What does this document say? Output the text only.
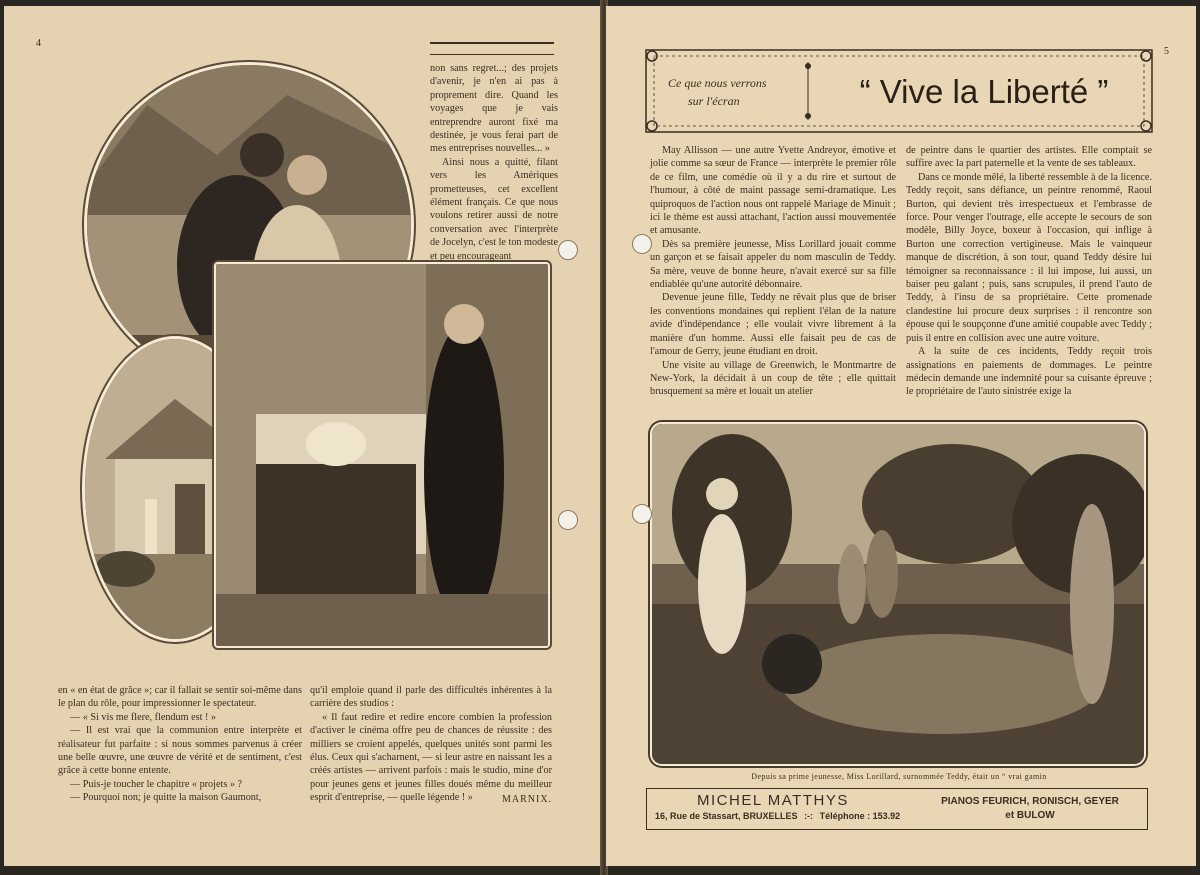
4

non sans regret...; des projets d'avenir, je n'en ai pas à proprement dire. Quand les voyages que je vais entreprendre auront fixé ma destinée, je vous ferai part de mes entreprises nouvelles... »

Ainsi nous a quitté, filant vers les Amériques prometteuses, cet excellent élément français. Ce que nous voulons retirer aussi de notre conversation avec l'interprète de Jocelyn, c'est le ton modeste et peu encourageant

en « en état de grâce »; car il fallait se sentir soi-même dans le plan du rôle, pour impressionner le spectateur.

— « Si vis me flere, flendum est ! »

— Il est vrai que la communion entre interprète et réalisateur fut parfaite : si nous sommes parvenus à créer une belle œuvre, une œuvre de vérité et de sentiment, c'est grâce à cette bonne entente.

— Puis-je toucher le chapitre « projets » ?

— Pourquoi non; je quitte la maison Gaumont,

qu'il emploie quand il parle des difficultés inhérentes à la carrière des studios :

« Il faut redire et redire encore combien la profession d'activer le cinéma offre peu de chances de réussite : des milliers se croient appelés, quelques unités sont parmi les élus. Ceux qui s'acharnent, — si leur astre en naissant les a créés artistes — arrivent parfois : mais le studio, mine d'or pour jeunes gens et jeunes filles doués même du meilleur esprit d'entreprise, — quelle légende ! »	MARNIX.
5
Ce que nous verrons
sur l'écran	“ Vive la Liberté ”

May Allisson — une autre Yvette Andreyor, émotive et jolie comme sa sœur de France — interprète le premier rôle de ce film, une comédie où il y a du rire et surtout de l'humour, à côté de maint passage semi-dramatique. Les quiproquos de l'action nous ont rappelé Mariage de Minuit ; ici le thème est aussi attachant, l'action aussi mouvementée et amusante.

Dès sa première jeunesse, Miss Lorillard jouait comme un garçon et se faisait appeler du nom masculin de Teddy. Sa mère, veuve de bonne heure, n'avait exercé sur sa fille endiablée qu'une autorité débonnaire.

Devenue jeune fille, Teddy ne rêvait plus que de briser les conventions mondaines qui replient l'élan de la nature avide d'indépendance ; elle voulait vivre librement à la manière d'un homme. Aussi elle faisait peu de cas de l'amour de Gerry, jeune étudiant en droit.

Une visite au village de Greenwich, le Montmartre de New-York, la décidait à un coup de tête ; elle quittait brusquement sa mère et louait un atelier

de peintre dans le quartier des artistes. Elle comptait se suffire avec la part paternelle et la vente de ses tableaux.

Dans ce monde mêlé, la liberté ressemble à de la licence. Teddy reçoit, sans défiance, un peintre renommé, Raoul Burton, qui devient très irrespectueux et l'embrasse de force. Pour venger l'outrage, elle accepte le secours de son modèle, Billy Joyce, boxeur à l'occasion, qui inflige à Burton une correction vertigineuse. Mais le vainqueur manque de discrétion, à son tour, quand Teddy désire lui témoigner sa reconnaissance : il lui impose, lui aussi, un baiser peu galant ; puis, sans scrupules, il prend l'auto de Teddy, à l'insu de sa propriétaire. Cette promenade clandestine lui procure deux surprises : il rencontre son épouse qui le soupçonne d'une amitié coupable avec Teddy ; puis il entre en collision avec une autre voiture.

A la suite de ces incidents, Teddy reçoit trois assignations en paiements de dommages. Le peintre médecin demande une indemnité pour sa cuisante épreuve ; le propriétaire de l'auto sinistrée exige la

Depuis sa prime jeunesse, Miss Lorillard, surnommée Teddy, était un “ vrai gamin
MICHEL MATTHYS
16, Rue de Stassart, BRUXELLES :-: Téléphone : 153.92
PIANOS FEURICH, RONISCH, GEYER
et BULOW
